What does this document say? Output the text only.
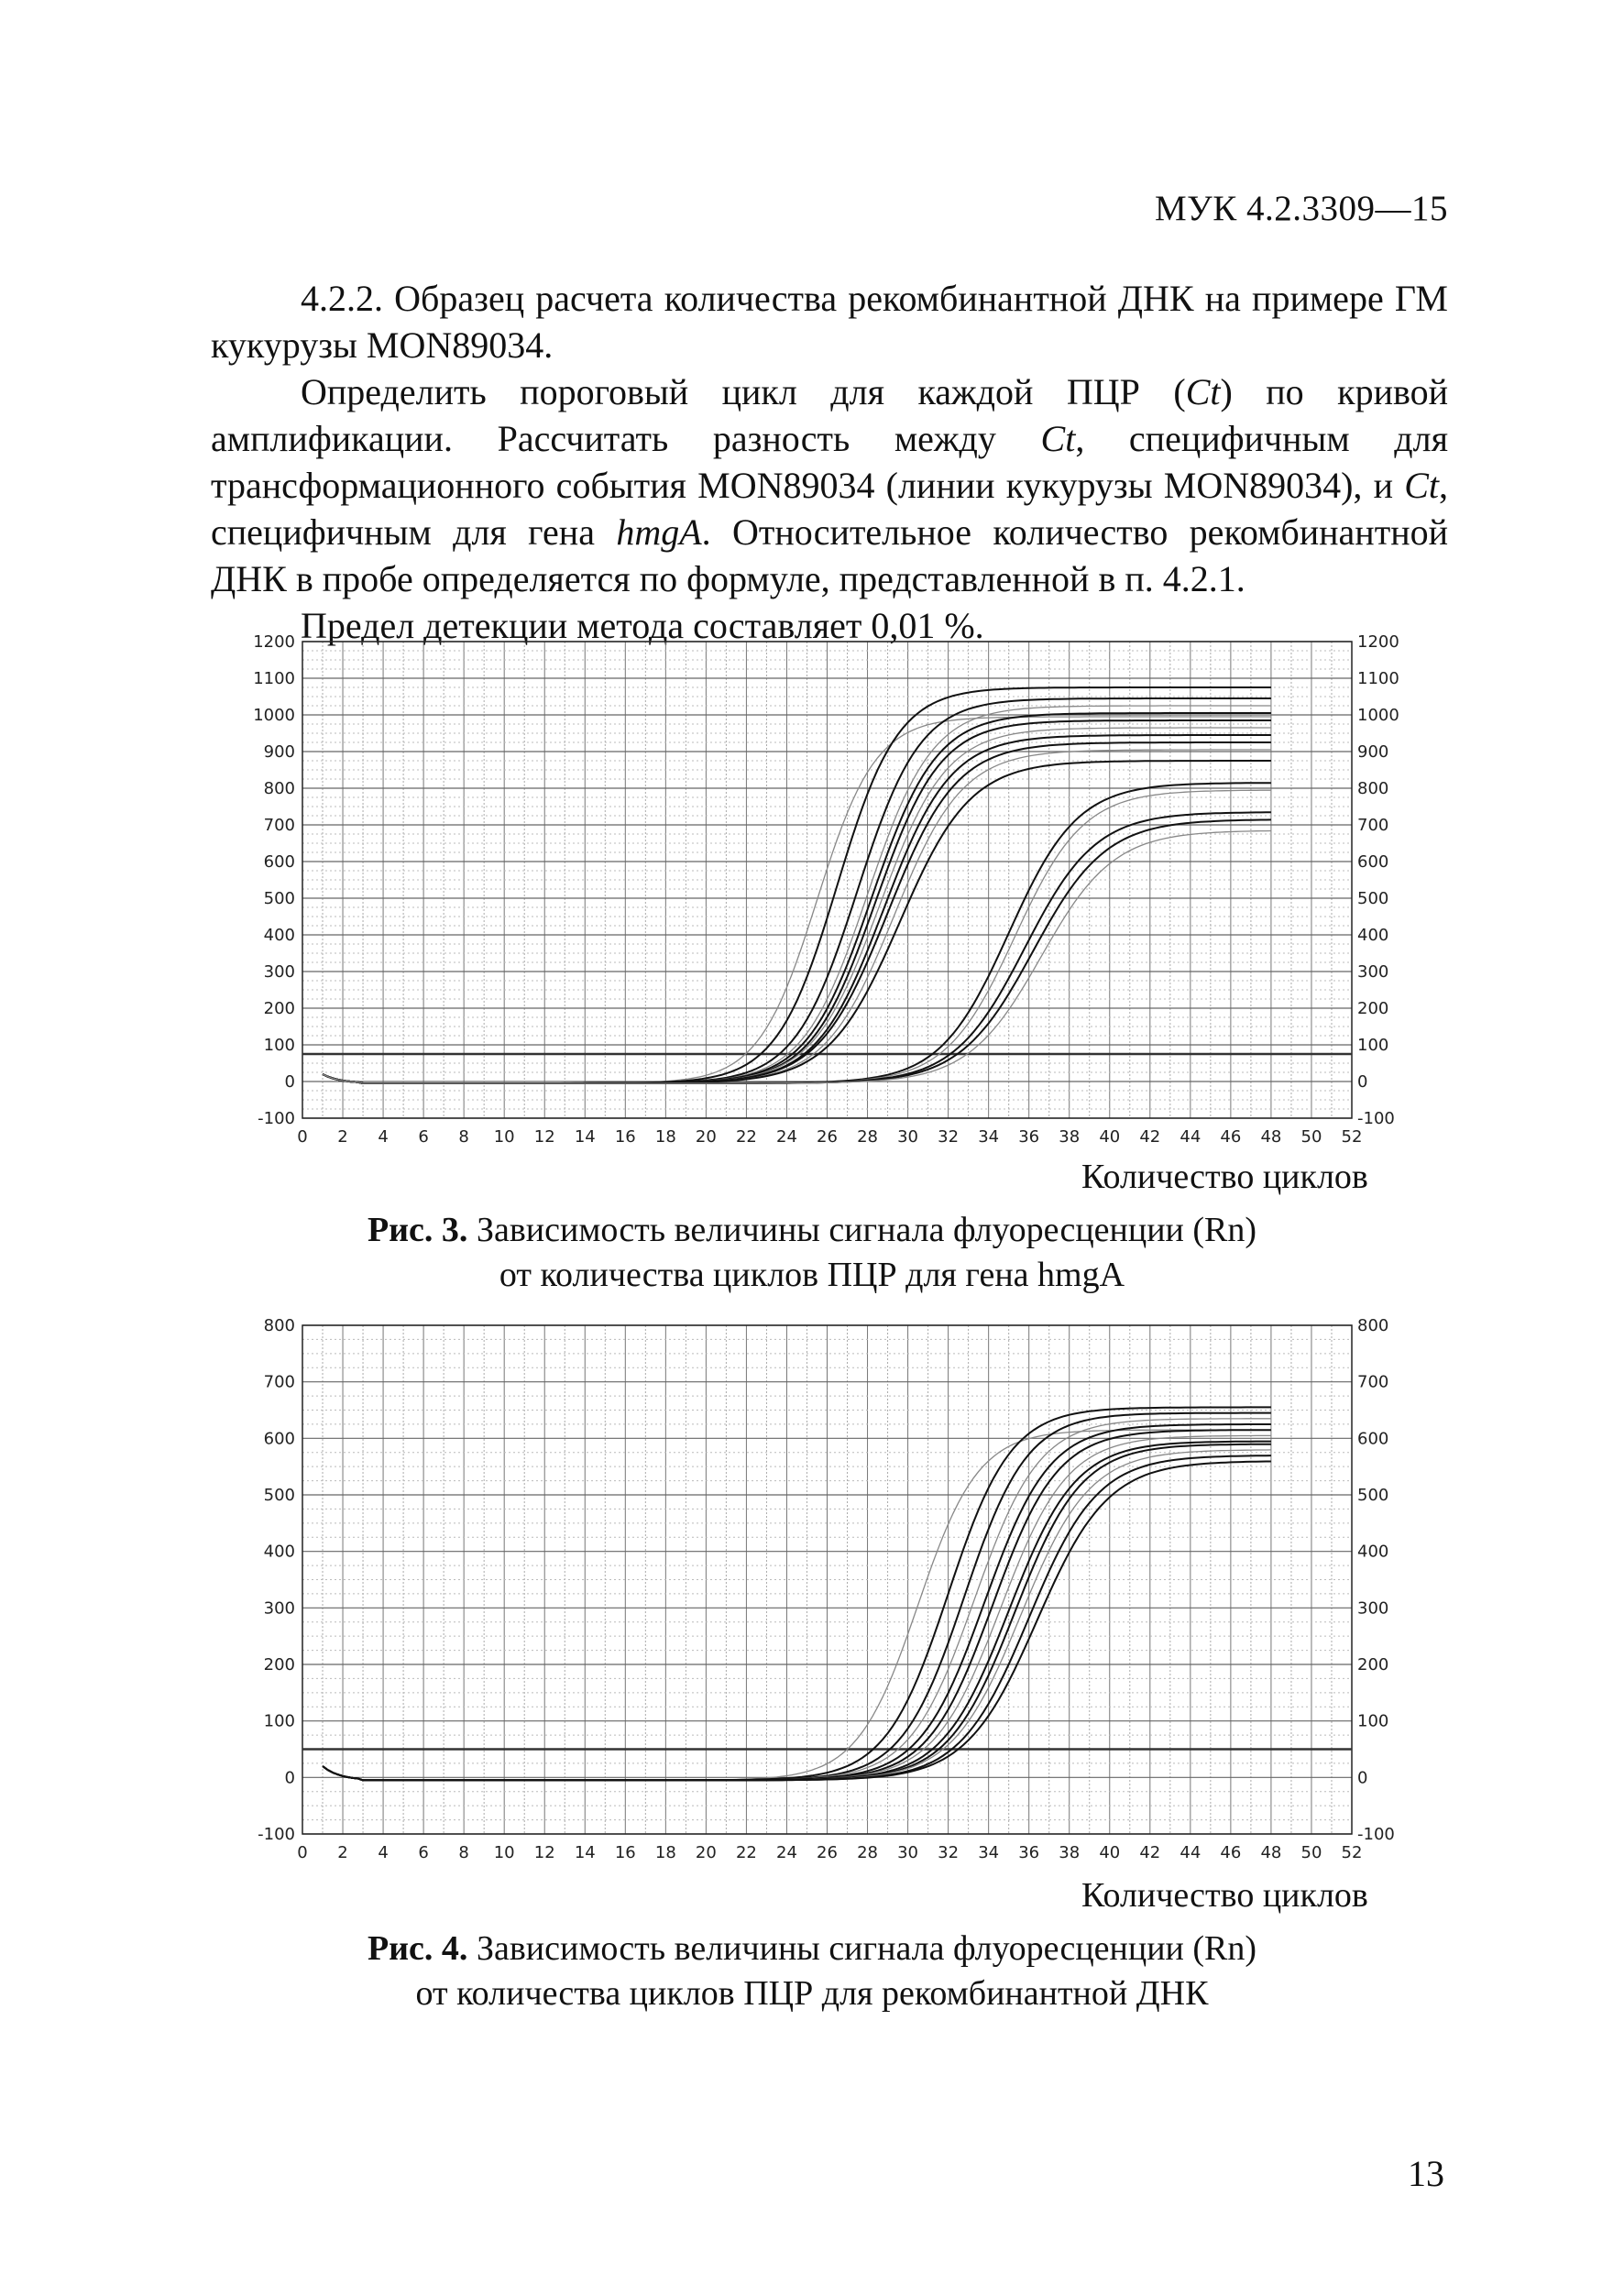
МУК 4.2.3309—15

4.2.2. Образец расчета количества рекомбинантной ДНК на примере ГМ кукурузы MON89034.

Определить пороговый цикл для каждой ПЦР (Ct) по кривой амплификации. Рассчитать разность между Ct, специфичным для трансформационного события MON89034 (линии кукурузы MON89034), и Ct, специфичным для гена hmgA. Относительное количество рекомбинантной ДНК в пробе определяется по формуле, представленной в п. 4.2.1.

Предел детекции метода составляет 0,01 %.

-100	-100
0	0
100	100
200	200
300	300
400	400
500	500
600	600
700	700
800	800
900	900
1000	1000
1100	1100
1200	1200
0 2 4 6 8 10 12 14 16 18 20 22 24 26 28 30 32 34 36 38 40 42 44 46 48 50 52
Количество циклов
Рис. 3. Зависимость величины сигнала флуоресценции (Rn)
от количества циклов ПЦР для гена hmgA
-100	-100
0	0
100	100
200	200
300	300
400	400
500	500
600	600
700	700
800	800
0 2 4 6 8 10 12 14 16 18 20 22 24 26 28 30 32 34 36 38 40 42 44 46 48 50 52
Количество циклов
Рис. 4. Зависимость величины сигнала флуоресценции (Rn)
от количества циклов ПЦР для рекомбинантной ДНК
13
